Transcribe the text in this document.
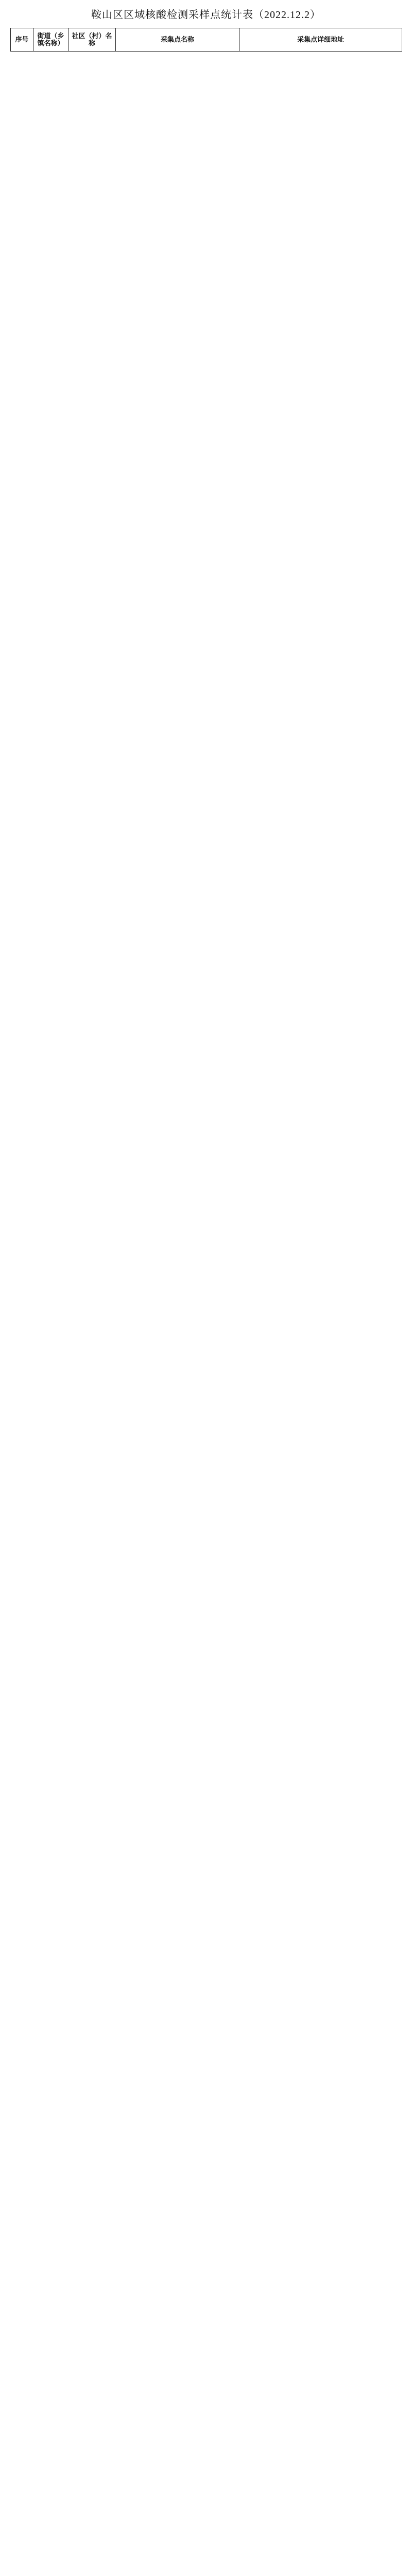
鞍山区区域核酸检测采样点统计表（2022.12.2）
序号	街道（乡镇名称）	社区（村）名称	采集点名称	采集点详细地址
